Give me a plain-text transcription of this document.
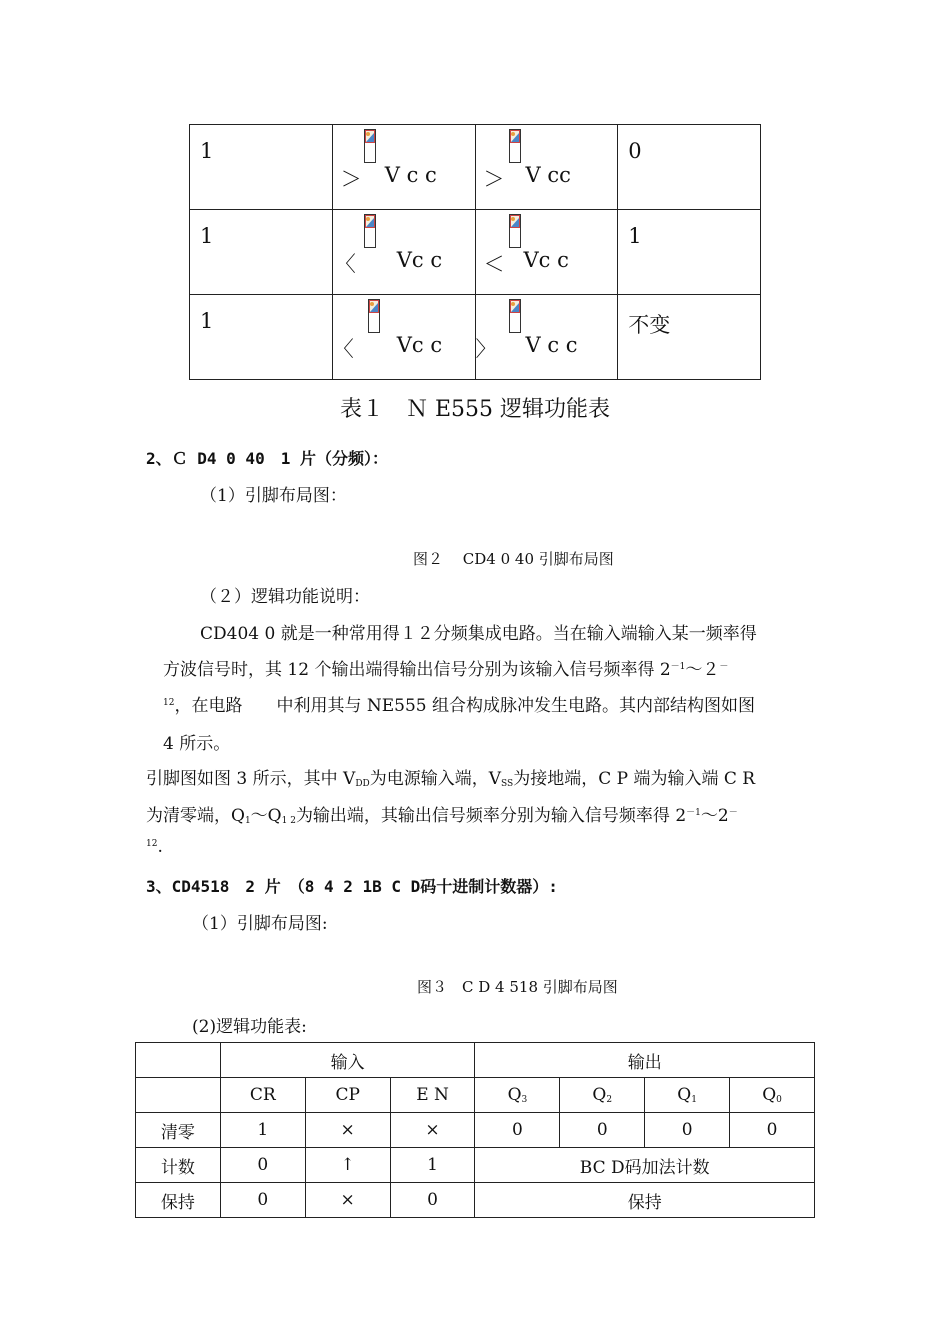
1	＞ V c c	＞ V cc	0

1	〈 Vc c	＜ Vc c	1

1	〈 Vc c	〉 V c c	不变
表１　Ｎ E555 逻辑功能表
2、Ｃ D4 0 40　1 片（分频）：
（1）引脚布局图：
图２　 CD4 0 40 引脚布局图
（２）逻辑功能说明：
CD404 0 就是一种常用得１２分频集成电路。当在输入端输入某一频率得
方波信号时，其 12 个输出端得输出信号分别为该输入信号频率得 $2^{-1}\sim 2^-$
$^{12}$，在电路　　中利用其与 NE555 组合构成脉冲发生电路。其内部结构图如图
4 所示。
引脚图如图 3 所示，其中 $V_{DD}$为电源输入端，$V_{SS}$为接地端，C P 端为输入端 C R
为清零端，$Q_1\sim Q_{1 2}$为输出端，其输出信号频率分别为输入信号频率得 $2^{-1}\sim 2^-$
$^{12}$.
3、CD4518　2 片　（8 4 2 1B C D码十进制计数器）:
（1）引脚布局图:
图３　C D 4 518 引脚布局图
(2)逻辑功能表:
	输入			输出			
	CR	CP	E N	$Q_3$	$Q_2$	$Q_1$	$Q_0$
清零	1	×	×	0	0	0	0
计数	0	↑	1	BC D码加法计数			
保持	0	×	0	保持			
